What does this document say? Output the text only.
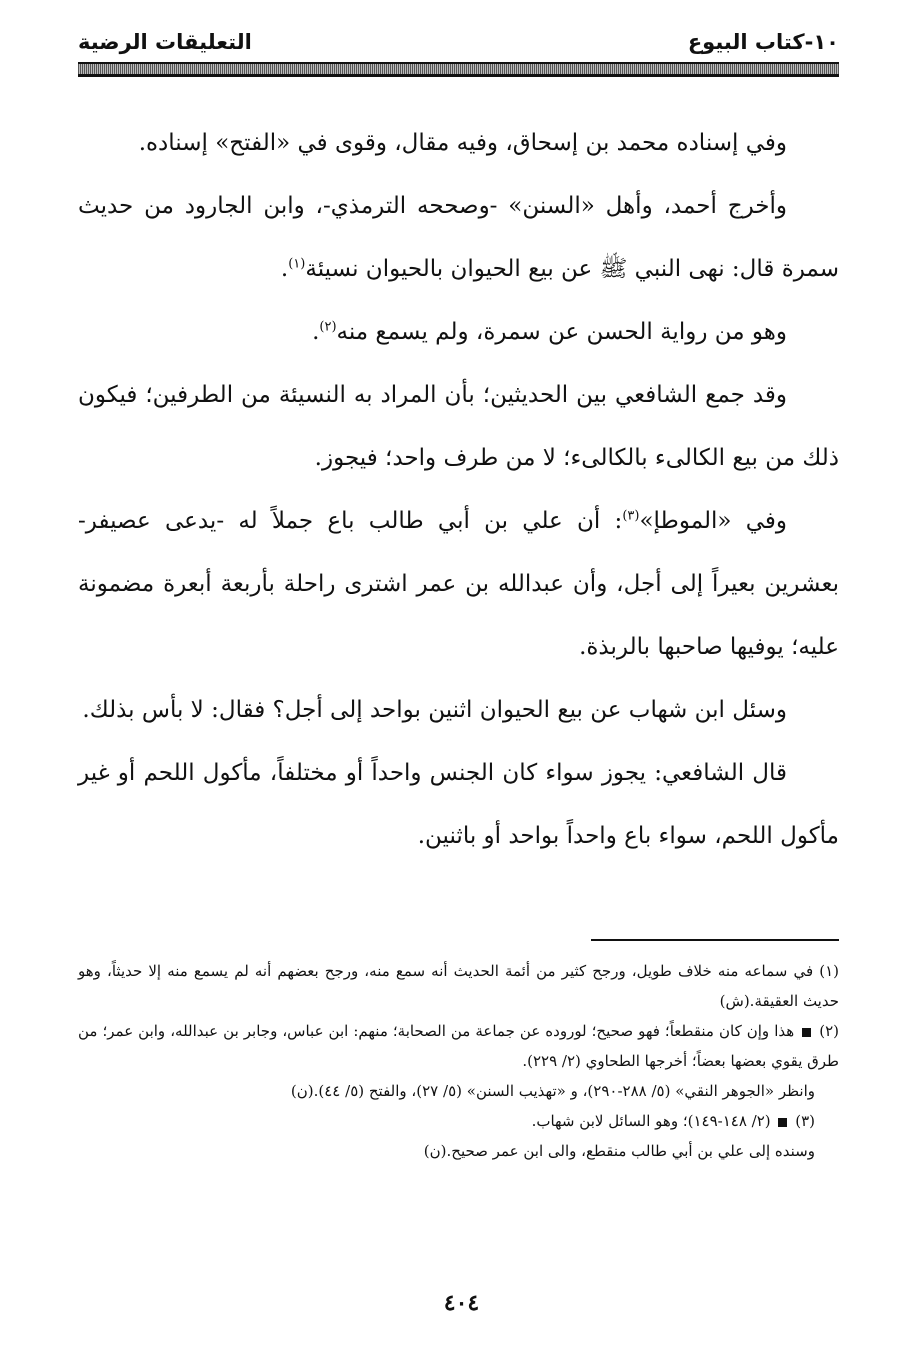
١٠-كتاب البيوع
التعليقات الرضية

وفي إسناده محمد بن إسحاق، وفيه مقال، وقوى في «الفتح» إسناده.

وأخرج أحمد، وأهل «السنن» -وصححه الترمذي-، وابن الجارود من حديث سمرة قال: نهى النبي ﷺ عن بيع الحيوان بالحيوان نسيئة$^{(١)}$.

وهو من رواية الحسن عن سمرة، ولم يسمع منه$^{(٢)}$.

وقد جمع الشافعي بين الحديثين؛ بأن المراد به النسيئة من الطرفين؛ فيكون ذلك من بيع الكالىء بالكالىء؛ لا من طرف واحد؛ فيجوز.

وفي «الموطإ»$^{(٣)}$: أن علي بن أبي طالب باع جملاً له -يدعى عصيفر- بعشرين بعيراً إلى أجل، وأن عبدالله بن عمر اشترى راحلة بأربعة أبعرة مضمونة عليه؛ يوفيها صاحبها بالربذة.

وسئل ابن شهاب عن بيع الحيوان اثنين بواحد إلى أجل؟ فقال: لا بأس بذلك.

قال الشافعي: يجوز سواء كان الجنس واحداً أو مختلفاً، مأكول اللحم أو غير مأكول اللحم، سواء باع واحداً بواحد أو باثنين.

(١) في سماعه منه خلاف طويل، ورجح كثير من أئمة الحديث أنه سمع منه، ورجح بعضهم أنه لم يسمع منه إلا حديثاً، وهو حديث العقيقة.(ش)

(٢)  هذا وإن كان منقطعاً؛ فهو صحيح؛ لوروده عن جماعة من الصحابة؛ منهم: ابن عباس، وجابر بن عبدالله، وابن عمر؛ من طرق يقوي بعضها بعضاً؛ أخرجها الطحاوي (٢/ ٢٢٩).

وانظر «الجوهر النقي» (٥/ ٢٨٨-٢٩٠)، و «تهذيب السنن» (٥/ ٢٧)، والفتح (٥/ ٤٤).(ن)

(٣)  (٢/ ١٤٨-١٤٩)؛ وهو السائل لابن شهاب.

وسنده إلى علي بن أبي طالب منقطع، والى ابن عمر صحيح.(ن)

٤٠٤
